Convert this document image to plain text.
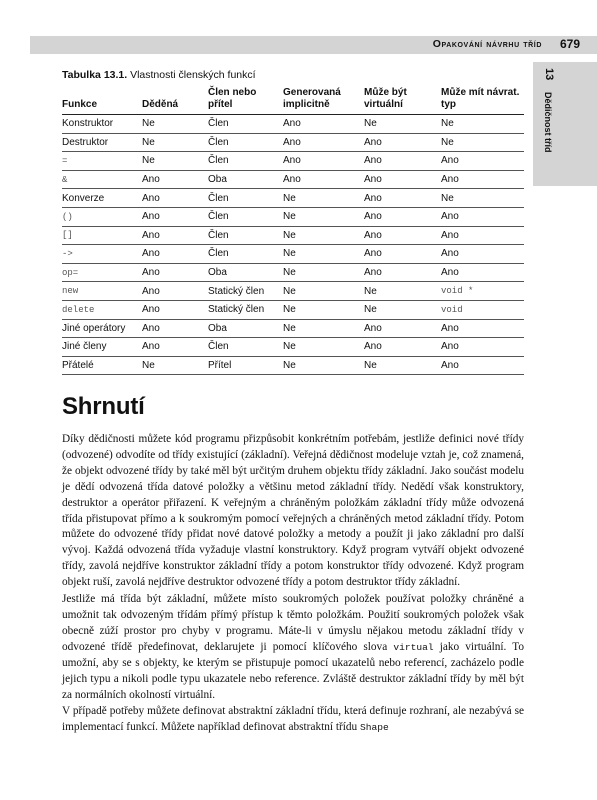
Opakování návrhu tříd 679
13
Dědičnost tříd
Tabulka 13.1. Vlastnosti členských funkcí
Funkce	Děděná	Člen nebo přítel	Generovaná implicitně	Může být virtuální	Může mít návrat. typ
Konstruktor	Ne	Člen	Ano	Ne	Ne
Destruktor	Ne	Člen	Ano	Ano	Ne
=	Ne	Člen	Ano	Ano	Ano
&	Ano	Oba	Ano	Ano	Ano
Konverze	Ano	Člen	Ne	Ano	Ne
()	Ano	Člen	Ne	Ano	Ano
[]	Ano	Člen	Ne	Ano	Ano
->	Ano	Člen	Ne	Ano	Ano
op=	Ano	Oba	Ne	Ano	Ano
new	Ano	Statický člen	Ne	Ne	void *
delete	Ano	Statický člen	Ne	Ne	void
Jiné operátory	Ano	Oba	Ne	Ano	Ano
Jiné členy	Ano	Člen	Ne	Ano	Ano
Přátelé	Ne	Přítel	Ne	Ne	Ano
Shrnutí

Díky dědičnosti můžete kód programu přizpůsobit konkrétním potřebám, jestliže definici nové třídy (odvozené) odvodíte od třídy existující (základní). Veřejná dědičnost modeluje vztah je, což znamená, že objekt odvozené třídy by také měl být určitým druhem objektu třídy základní. Jako součást modelu je dědí odvozená třída datové položky a většinu metod základní třídy. Nedědí však konstruktory, destruktor a operátor přiřazení. K veřejným a chráněným položkám základní třídy může odvozená třída přistupovat přímo a k soukromým pomocí veřejných a chráněných metod základní třídy. Potom můžete do odvozené třídy přidat nové datové položky a metody a použít ji jako základní pro další vývoj. Každá odvozená třída vyžaduje vlastní konstruktory. Když program vytváří objekt odvozené třídy, zavolá nejdříve konstruktor základní třídy a potom konstruktor třídy odvozené. Když program objekt ruší, zavolá nejdříve destruktor odvozené třídy a potom destruktor třídy základní.

Jestliže má třída být základní, můžete místo soukromých položek používat položky chráněné a umožnit tak odvozeným třídám přímý přístup k těmto položkám. Použití soukromých položek však obecně zúží prostor pro chyby v programu. Máte-li v úmyslu nějakou metodu základní třídy v odvozené třídě předefinovat, deklarujete ji pomocí klíčového slova virtual jako virtuální. To umožní, aby se s objekty, ke kterým se přistupuje pomocí ukazatelů nebo referencí, zacházelo podle jejich typu a nikoli podle typu ukazatele nebo reference. Zvláště destruktor základní třídy by měl být za normálních okolností virtuální.

V případě potřeby můžete definovat abstraktní základní třídu, která definuje rozhraní, ale nezabývá se implementací funkcí. Můžete například definovat abstraktní třídu Shape
